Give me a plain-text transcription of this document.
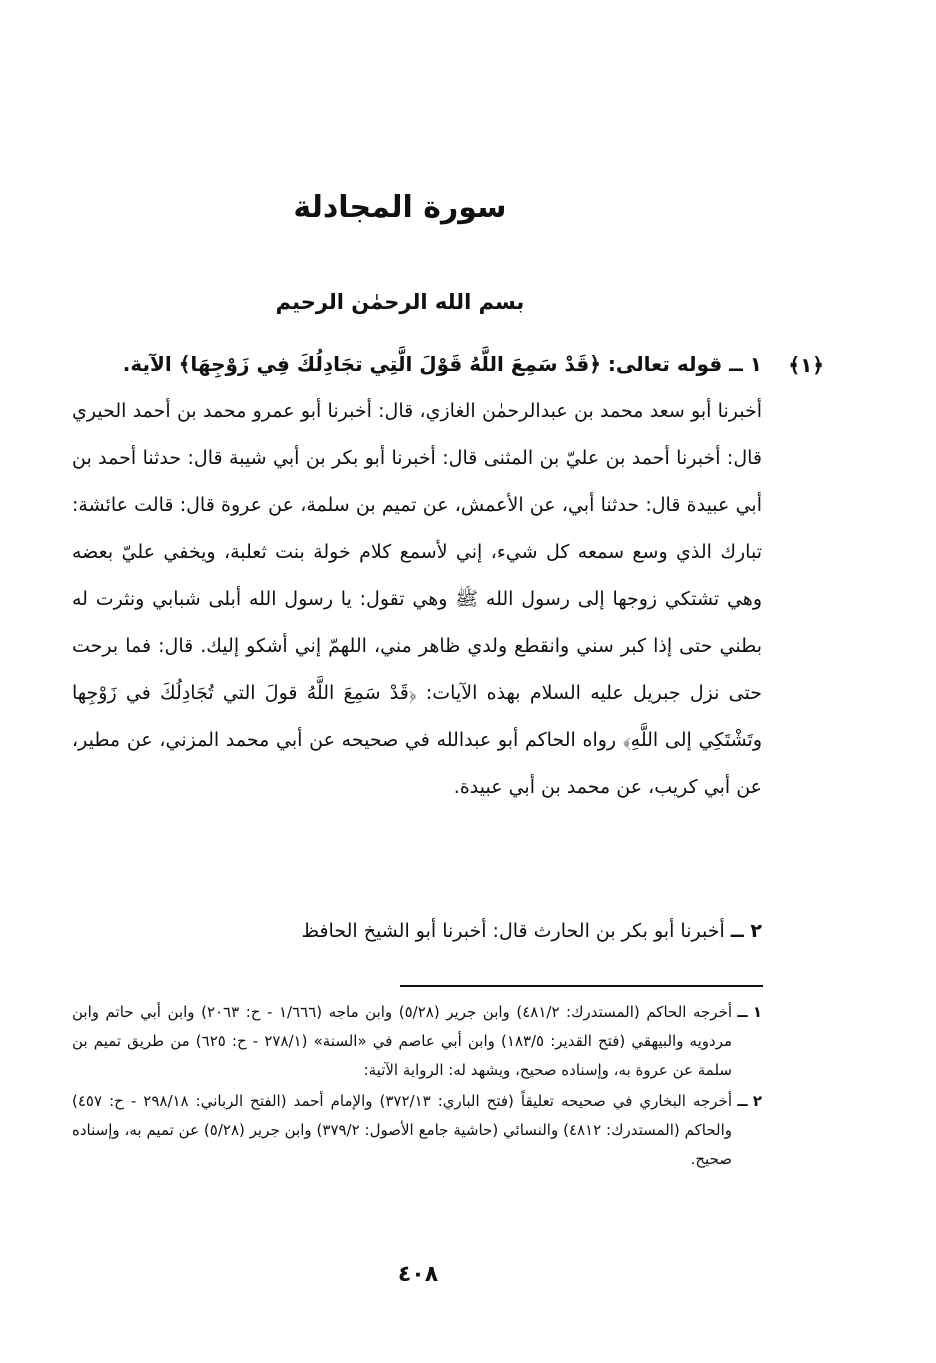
سورة المجادلة
بسم الله الرحمٰن الرحيم
﴿١﴾
١ ــ قوله تعالى: ﴿قَدْ سَمِعَ اللَّهُ قَوْلَ الَّتِي تجَادِلُكَ فِي زَوْجِهَا﴾ الآية.
أخبرنا أبو سعد محمد بن عبدالرحمٰن الغازي، قال: أخبرنا أبو عمرو محمد بن أحمد الحيري قال: أخبرنا أحمد بن عليّ بن المثنى قال: أخبرنا أبو بكر بن أبي شيبة قال: حدثنا أحمد بن أبي عبيدة قال: حدثنا أبي، عن الأعمش، عن تميم بن سلمة، عن عروة قال: قالت عائشة: تبارك الذي وسع سمعه كل شيء، إني لأسمع كلام خولة بنت ثعلبة، ويخفي عليّ بعضه وهي تشتكي زوجها إلى رسول الله ﷺ وهي تقول: يا رسول الله أبلى شبابي ونثرت له بطني حتى إذا كبر سني وانقطع ولدي ظاهر مني، اللهمّ إني أشكو إليك. قال: فما برحت حتى نزل جبريل عليه السلام بهذه الآيات: ﴿قَدْ سَمِعَ اللَّهُ قولَ التي تُجَادِلُكَ في زَوْجِها وتَشْتَكِي إلى اللَّهِ﴾ رواه الحاكم أبو عبدالله في صحيحه عن أبي محمد المزني، عن مطير، عن أبي كريب، عن محمد بن أبي عبيدة.
٢ ــ أخبرنا أبو بكر بن الحارث قال: أخبرنا أبو الشيخ الحافظ
١ ــ
أخرجه الحاكم (المستدرك: ٤٨١/٢) وابن جرير (٥/٢٨) وابن ماجه (١/٦٦٦ - ح: ٢٠٦٣) وابن أبي حاتم وابن مردويه والبيهقي (فتح القدير: ١٨٣/٥) وابن أبي عاصم في «السنة» (٢٧٨/١ - ح: ٦٢٥) من طريق تميم بن سلمة عن عروة به، وإسناده صحيح، ويشهد له: الرواية الآتية:
٢ ــ
أخرجه البخاري في صحيحه تعليقاً (فتح الباري: ٣٧٢/١٣) والإمام أحمد (الفتح الرباني: ٢٩٨/١٨ - ح: ٤٥٧) والحاكم (المستدرك: ٤٨١٢) والنسائي (حاشية جامع الأصول: ٣٧٩/٢) وابن جرير (٥/٢٨) عن تميم به، وإسناده صحيح.
٤٠٨
